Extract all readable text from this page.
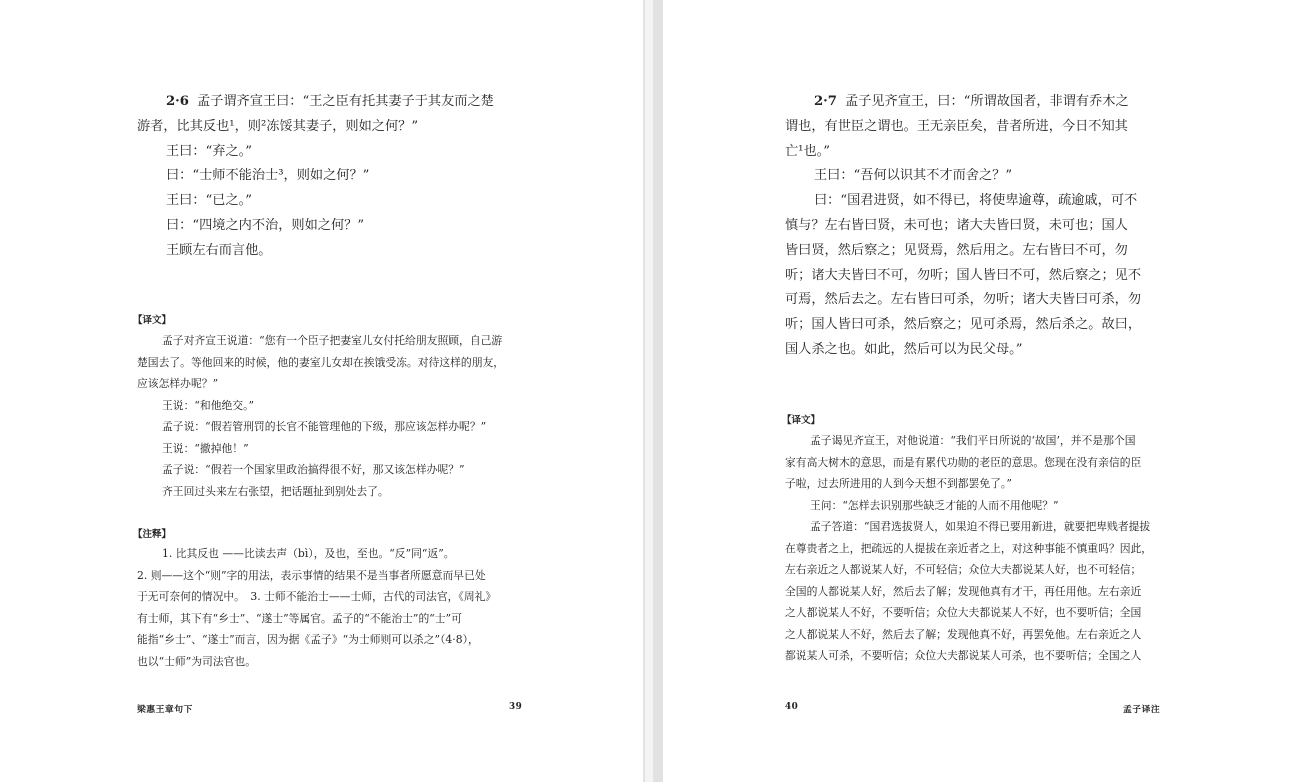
2·6 孟子谓齐宣王曰：“王之臣有托其妻子于其友而之楚

游者，比其反也¹，则²冻馁其妻子，则如之何？”

王曰：“弃之。”

曰：“士师不能治士³，则如之何？”

王曰：“已之。”

曰：“四境之内不治，则如之何？”

王顾左右而言他。

【译文】

孟子对齐宣王说道：“您有一个臣子把妻室儿女付托给朋友照顾，自己游

楚国去了。等他回来的时候，他的妻室儿女却在挨饿受冻。对待这样的朋友，

应该怎样办呢？”

王说：“和他绝交。”

孟子说：“假若管刑罚的长官不能管理他的下级，那应该怎样办呢？”

王说：“撤掉他！”

孟子说：“假若一个国家里政治搞得很不好，那又该怎样办呢？”

齐王回过头来左右张望，把话题扯到别处去了。

【注释】

1. 比其反也 ——比读去声（bì），及也，至也。“反”同“返”。

2. 则——这个“则”字的用法，表示事情的结果不是当事者所愿意而早已处

于无可奈何的情况中。　3. 士师不能治士——士师，古代的司法官，《周礼》

有士师，其下有“乡士”、“遂士”等属官。孟子的“不能治士”的“士”可

能指“乡士”、“遂士”而言，因为据《孟子》“为士师则可以杀之”（4·8），

也以“士师”为司法官也。

梁惠王章句下	39

2·7 孟子见齐宣王，曰：“所谓故国者，非谓有乔木之

谓也，有世臣之谓也。王无亲臣矣，昔者所进，今日不知其

亡¹也。”

王曰：“吾何以识其不才而舍之？”

曰：“国君进贤，如不得已，将使卑逾尊，疏逾戚，可不

慎与？左右皆曰贤，未可也；诸大夫皆曰贤，未可也；国人

皆曰贤，然后察之；见贤焉，然后用之。左右皆曰不可，勿

听；诸大夫皆曰不可，勿听；国人皆曰不可，然后察之；见不

可焉，然后去之。左右皆曰可杀，勿听；诸大夫皆曰可杀，勿

听；国人皆曰可杀，然后察之；见可杀焉，然后杀之。故曰，

国人杀之也。如此，然后可以为民父母。”

【译文】

孟子谒见齐宣王，对他说道：“我们平日所说的‘故国’，并不是那个国

家有高大树木的意思，而是有累代功勋的老臣的意思。您现在没有亲信的臣

子啦，过去所进用的人到今天想不到都罢免了。”

王问：“怎样去识别那些缺乏才能的人而不用他呢？”

孟子答道：“国君选拔贤人，如果迫不得已要用新进，就要把卑贱者提拔

在尊贵者之上，把疏远的人提拔在亲近者之上，对这种事能不慎重吗？因此，

左右亲近之人都说某人好，不可轻信；众位大夫都说某人好，也不可轻信；

全国的人都说某人好，然后去了解；发现他真有才干，再任用他。左右亲近

之人都说某人不好，不要听信；众位大夫都说某人不好，也不要听信；全国

之人都说某人不好，然后去了解；发现他真不好，再罢免他。左右亲近之人

都说某人可杀，不要听信；众位大夫都说某人可杀，也不要听信；全国之人

40	孟子译注
